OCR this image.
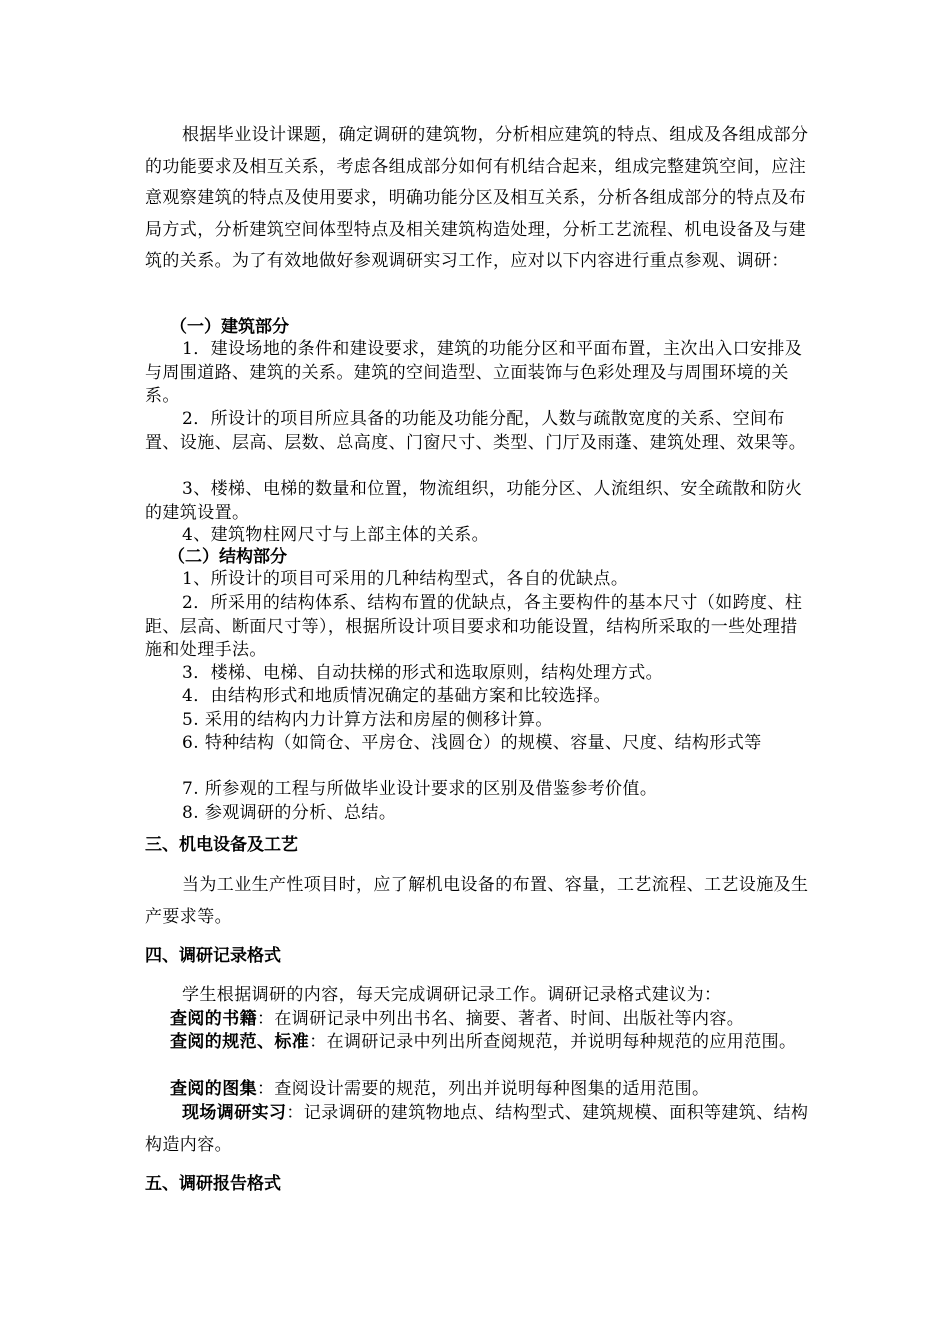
根据毕业设计课题，确定调研的建筑物，分析相应建筑的特点、组成及各组成部分的功能要求及相互关系，考虑各组成部分如何有机结合起来，组成完整建筑空间，应注意观察建筑的特点及使用要求，明确功能分区及相互关系，分析各组成部分的特点及布局方式，分析建筑空间体型特点及相关建筑构造处理，分析工艺流程、机电设备及与建筑的关系。为了有效地做好参观调研实习工作，应对以下内容进行重点参观、调研：
（一）建筑部分
1．建设场地的条件和建设要求，建筑的功能分区和平面布置，主次出入口安排及与周围道路、建筑的关系。建筑的空间造型、立面装饰与色彩处理及与周围环境的关系。
2．所设计的项目所应具备的功能及功能分配，人数与疏散宽度的关系、空间布置、设施、层高、层数、总高度、门窗尺寸、类型、门厅及雨蓬、建筑处理、效果等。
3、楼梯、电梯的数量和位置，物流组织，功能分区、人流组织、安全疏散和防火的建筑设置。
4、建筑物柱网尺寸与上部主体的关系。
（二）结构部分
1、所设计的项目可采用的几种结构型式，各自的优缺点。
2．所采用的结构体系、结构布置的优缺点，各主要构件的基本尺寸（如跨度、柱距、层高、断面尺寸等），根据所设计项目要求和功能设置，结构所采取的一些处理措施和处理手法。
3．楼梯、电梯、自动扶梯的形式和选取原则，结构处理方式。
4．由结构形式和地质情况确定的基础方案和比较选择。
5. 采用的结构内力计算方法和房屋的侧移计算。
6. 特种结构（如筒仓、平房仓、浅圆仓）的规模、容量、尺度、结构形式等
7. 所参观的工程与所做毕业设计要求的区别及借鉴参考价值。
8. 参观调研的分析、总结。
三、机电设备及工艺
当为工业生产性项目时，应了解机电设备的布置、容量，工艺流程、工艺设施及生产要求等。
四、调研记录格式
学生根据调研的内容，每天完成调研记录工作。调研记录格式建议为：
查阅的书籍：在调研记录中列出书名、摘要、著者、时间、出版社等内容。
查阅的规范、标准：在调研记录中列出所查阅规范，并说明每种规范的应用范围。
查阅的图集：查阅设计需要的规范，列出并说明每种图集的适用范围。
现场调研实习：记录调研的建筑物地点、结构型式、建筑规模、面积等建筑、结构构造内容。
五、调研报告格式
